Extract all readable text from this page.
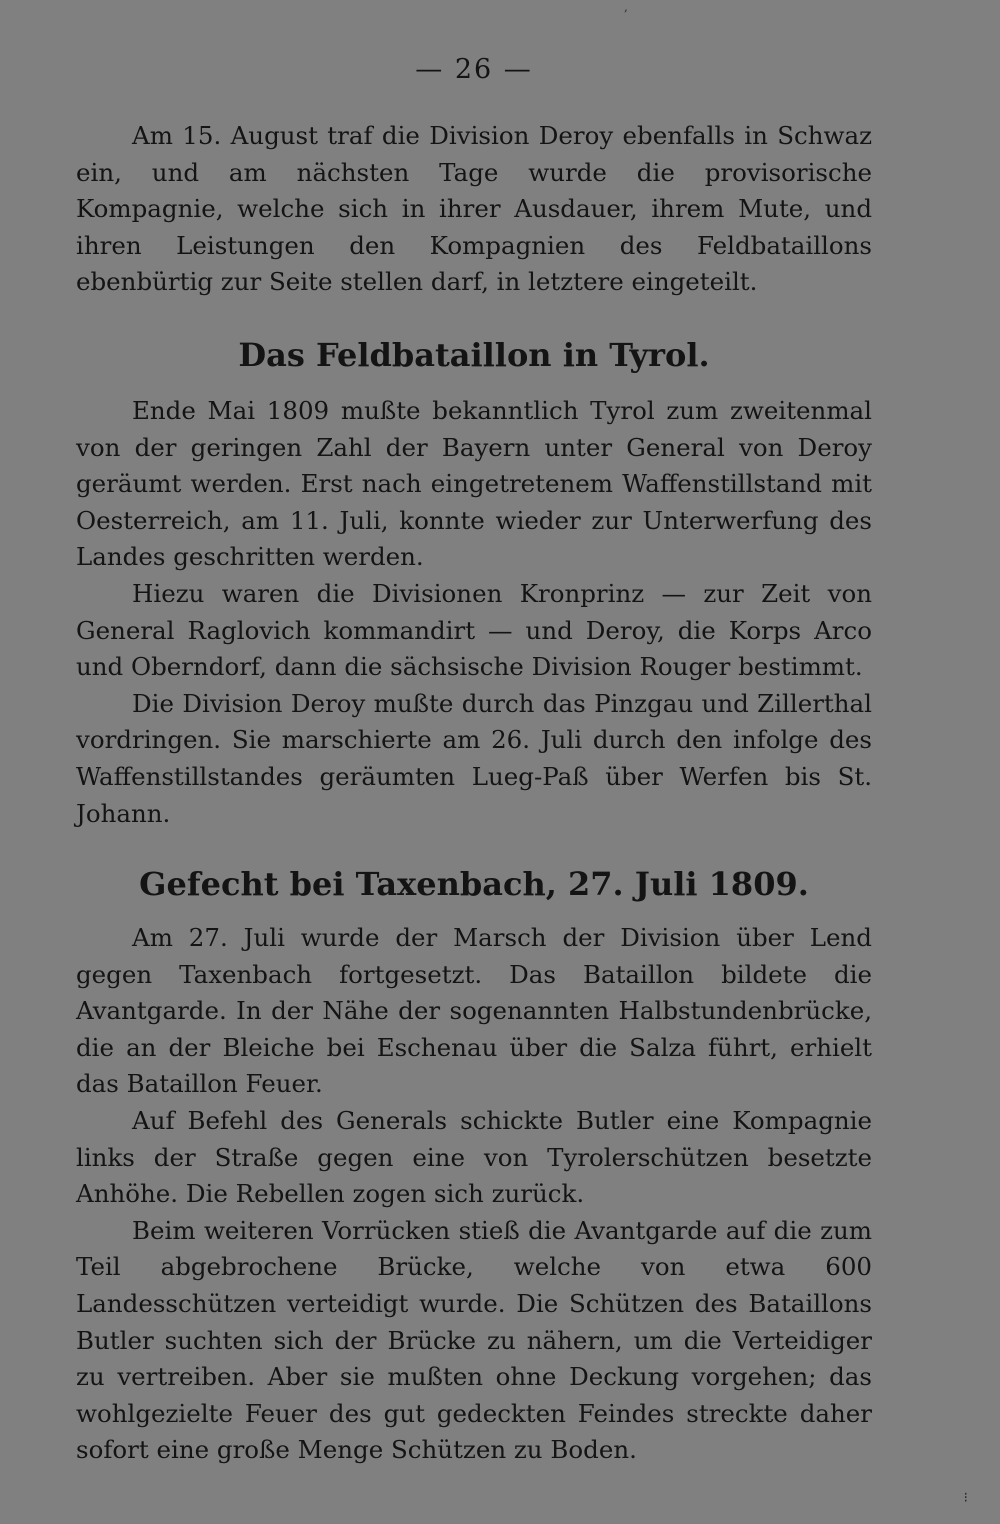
,
— 26 —

Am 15. August traf die Division Deroy ebenfalls in Schwaz ein, und am nächsten Tage wurde die provisorische Kompagnie, welche sich in ihrer Ausdauer, ihrem Mute, und ihren Leistungen den Kompagnien des Feldbataillons ebenbürtig zur Seite stellen darf, in letztere eingeteilt.

Das Feldbataillon in Tyrol.

Ende Mai 1809 mußte bekanntlich Tyrol zum zweitenmal von der geringen Zahl der Bayern unter General von Deroy geräumt werden. Erst nach eingetretenem Waffenstillstand mit Oesterreich, am 11. Juli, konnte wieder zur Unterwerfung des Landes geschritten werden.

Hiezu waren die Divisionen Kronprinz — zur Zeit von General Raglovich kommandirt — und Deroy, die Korps Arco und Oberndorf, dann die sächsische Division Rouger bestimmt.

Die Division Deroy mußte durch das Pinzgau und Zillerthal vordringen. Sie marschierte am 26. Juli durch den infolge des Waffenstillstandes geräumten Lueg-Paß über Werfen bis St. Johann.

Gefecht bei Taxenbach, 27. Juli 1809.

Am 27. Juli wurde der Marsch der Division über Lend gegen Taxenbach fortgesetzt. Das Bataillon bildete die Avantgarde. In der Nähe der sogenannten Halbstundenbrücke, die an der Bleiche bei Eschenau über die Salza führt, erhielt das Bataillon Feuer.

Auf Befehl des Generals schickte Butler eine Kompagnie links der Straße gegen eine von Tyrolerschützen besetzte Anhöhe. Die Rebellen zogen sich zurück.

Beim weiteren Vorrücken stieß die Avantgarde auf die zum Teil abgebrochene Brücke, welche von etwa 600 Landesschützen verteidigt wurde. Die Schützen des Bataillons Butler suchten sich der Brücke zu nähern, um die Verteidiger zu vertreiben. Aber sie mußten ohne Deckung vorgehen; das wohlgezielte Feuer des gut gedeckten Feindes streckte daher sofort eine große Menge Schützen zu Boden.

⁝
